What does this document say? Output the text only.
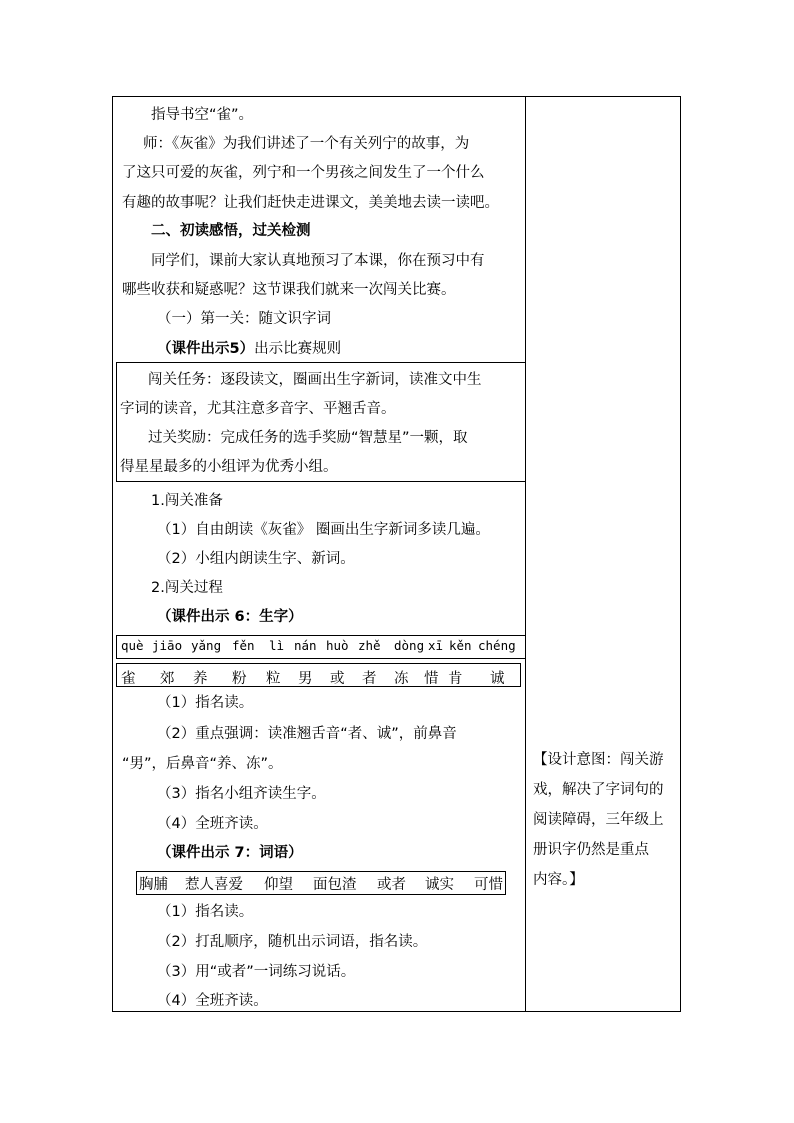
指导书空“雀”。
师：《灰雀》为我们讲述了一个有关列宁的故事，为
了这只可爱的灰雀，列宁和一个男孩之间发生了一个什么
有趣的故事呢？让我们赶快走进课文，美美地去读一读吧。
二、初读感悟，过关检测
同学们，课前大家认真地预习了本课，你在预习中有
哪些收获和疑惑呢？这节课我们就来一次闯关比赛。
（一）第一关：随文识字词
（课件出示5）出示比赛规则
闯关任务：逐段读文，圈画出生字新词，读准文中生
字词的读音，尤其注意多音字、平翘舌音。
过关奖励：完成任务的选手奖励“智慧星”一颗，取
得星星最多的小组评为优秀小组。
1.闯关准备
（1）自由朗读《灰雀》 圈画出生字新词多读几遍。
（2）小组内朗读生字、新词。
2.闯关过程
（课件出示 6：生字）
（1）指名读。
（2）重点强调：读准翘舌音“者、诚”，前鼻音
“男”，后鼻音“养、冻”。
（3）指名小组齐读生字。
（4）全班齐读。
（课件出示 7：词语）
（1）指名读。
（2）打乱顺序，随机出示词语，指名读。
（3）用“或者”一词练习说话。
（4）全班齐读。
【设计意图：闯关游
戏，解决了字词句的
阅读障碍，三年级上
册识字仍然是重点
内容。】
què jiāo yǎng fěn lì nán huò zhě dòng xī kěn chéng
雀 郊 养 粉 粒 男 或 者 冻 惜 肯 诚
胸脯 惹人喜爱 仰望 面包渣 或者 诚实 可惜
